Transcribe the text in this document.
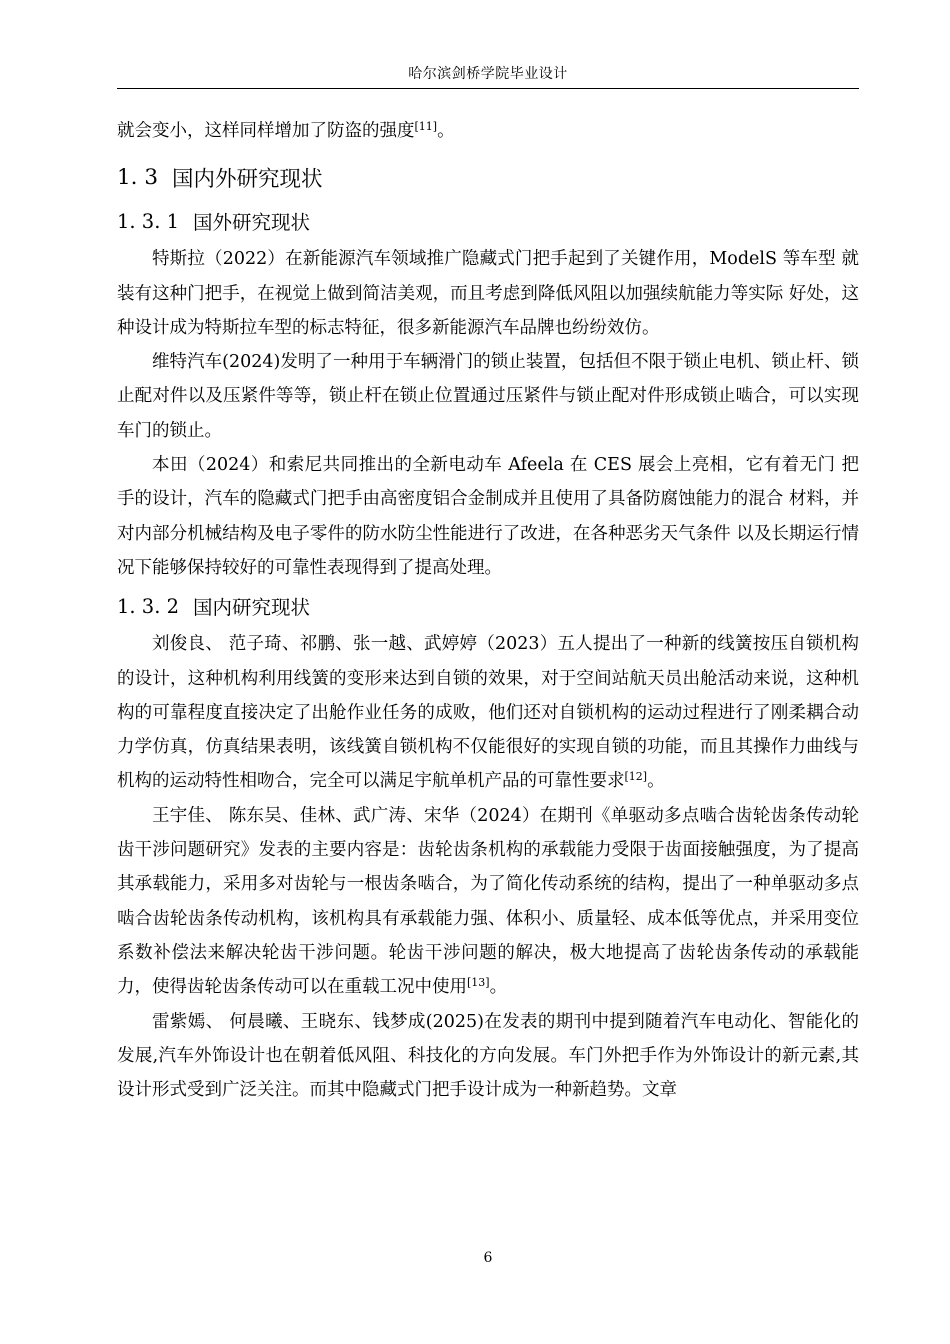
哈尔滨剑桥学院毕业设计

就会变小，这样同样增加了防盗的强度[11]。

1. 3 国内外研究现状
1. 3. 1 国外研究现状

特斯拉（2022）在新能源汽车领域推广隐藏式门把手起到了关键作用，ModelS 等车型 就装有这种门把手，在视觉上做到简洁美观，而且考虑到降低风阻以加强续航能力等实际 好处，这种设计成为特斯拉车型的标志特征，很多新能源汽车品牌也纷纷效仿。

维特汽车(2024)发明了一种用于车辆滑门的锁止装置，包括但不限于锁止电机、锁止杆、锁止配对件以及压紧件等等，锁止杆在锁止位置通过压紧件与锁止配对件形成锁止啮合，可以实现车门的锁止。

本田（2024）和索尼共同推出的全新电动车 Afeela 在 CES 展会上亮相，它有着无门 把手的设计，汽车的隐藏式门把手由高密度铝合金制成并且使用了具备防腐蚀能力的混合 材料，并对内部分机械结构及电子零件的防水防尘性能进行了改进，在各种恶劣天气条件 以及长期运行情况下能够保持较好的可靠性表现得到了提高处理。

1. 3. 2 国内研究现状

刘俊良、 范子琦、祁鹏、张一越、武婷婷（2023）五人提出了一种新的线簧按压自锁机构的设计，这种机构利用线簧的变形来达到自锁的效果，对于空间站航天员出舱活动来说，这种机构的可靠程度直接决定了出舱作业任务的成败，他们还对自锁机构的运动过程进行了刚柔耦合动力学仿真，仿真结果表明，该线簧自锁机构不仅能很好的实现自锁的功能，而且其操作力曲线与机构的运动特性相吻合，完全可以满足宇航单机产品的可靠性要求[12]。

王宇佳、 陈东吴、佳林、武广涛、宋华（2024）在期刊《单驱动多点啮合齿轮齿条传动轮齿干涉问题研究》发表的主要内容是：齿轮齿条机构的承载能力受限于齿面接触强度，为了提高其承载能力，采用多对齿轮与一根齿条啮合，为了简化传动系统的结构，提出了一种单驱动多点啮合齿轮齿条传动机构，该机构具有承载能力强、体积小、质量轻、成本低等优点，并采用变位系数补偿法来解决轮齿干涉问题。轮齿干涉问题的解决，极大地提高了齿轮齿条传动的承载能力，使得齿轮齿条传动可以在重载工况中使用[13]。

雷紫嫣、 何晨曦、王晓东、钱梦成(2025)在发表的期刊中提到随着汽车电动化、智能化的发展,汽车外饰设计也在朝着低风阻、科技化的方向发展。车门外把手作为外饰设计的新元素,其设计形式受到广泛关注。而其中隐藏式门把手设计成为一种新趋势。文章

6
